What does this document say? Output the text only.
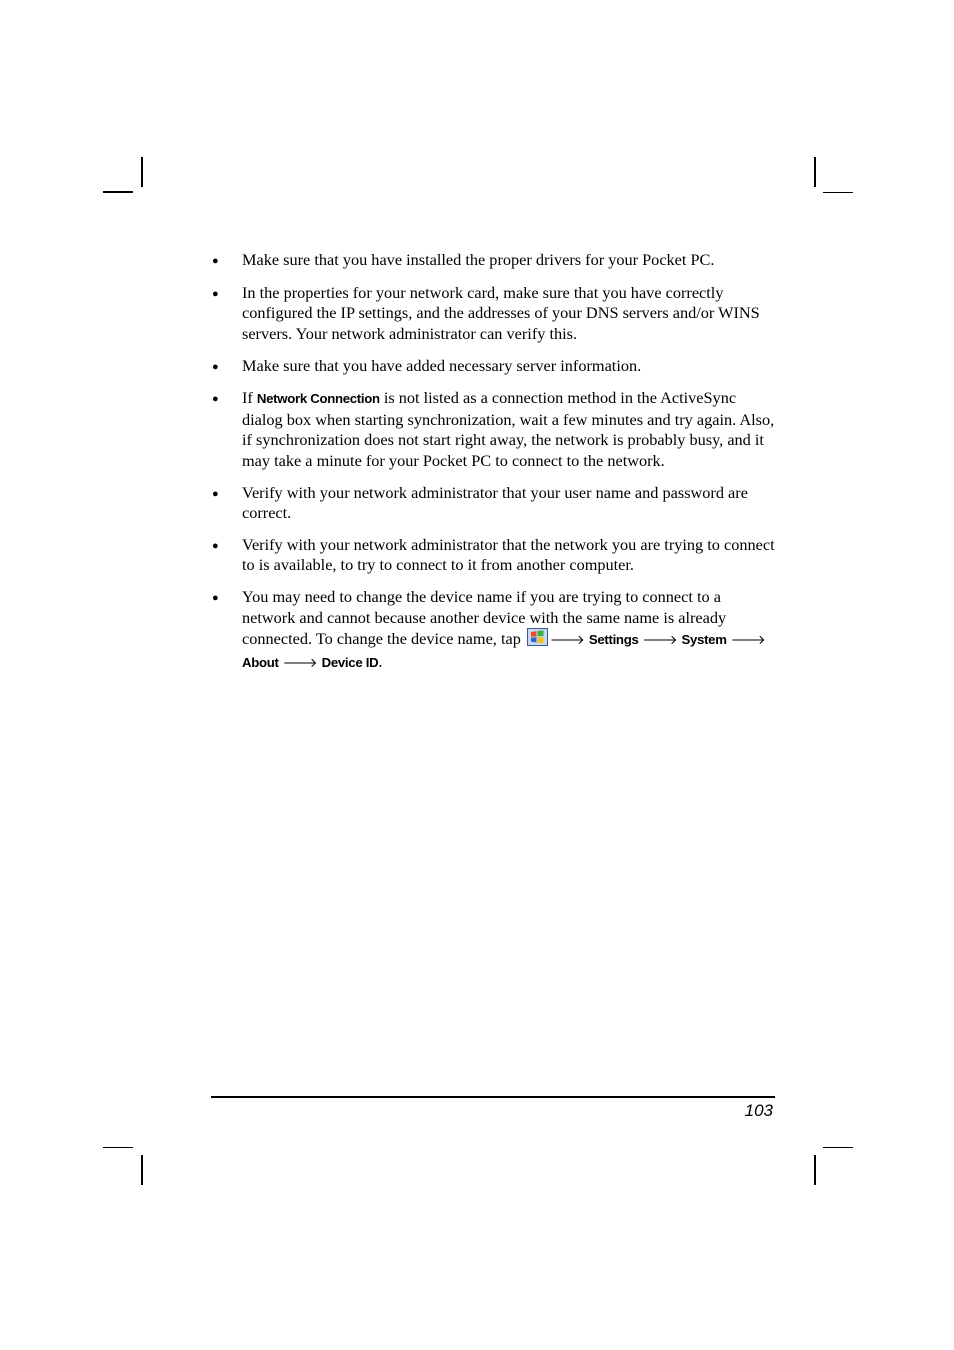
●	Make sure that you have installed the proper drivers for your Pocket PC.
●	In the properties for your network card, make sure that you have correctly configured the IP settings, and the addresses of your DNS servers and/or WINS servers. Your network administrator can verify this.
●	Make sure that you have added necessary server information.
●	If Network Connection is not listed as a connection method in the ActiveSync dialog box when starting synchronization, wait a few minutes and try again. Also, if synchronization does not start right away, the network is probably busy, and it may take a minute for your Pocket PC to connect to the network.
●	Verify with your network administrator that your user name and password are correct.
●	Verify with your network administrator that the network you are trying to connect to is available, to try to connect to it from another computer.
●	You may need to change the device name if you are trying to connect to a network and cannot because another device with the same name is already connected. To change the device name, tap 🡒 Settings 🡒 System 🡒 About 🡒 Device ID.
103
